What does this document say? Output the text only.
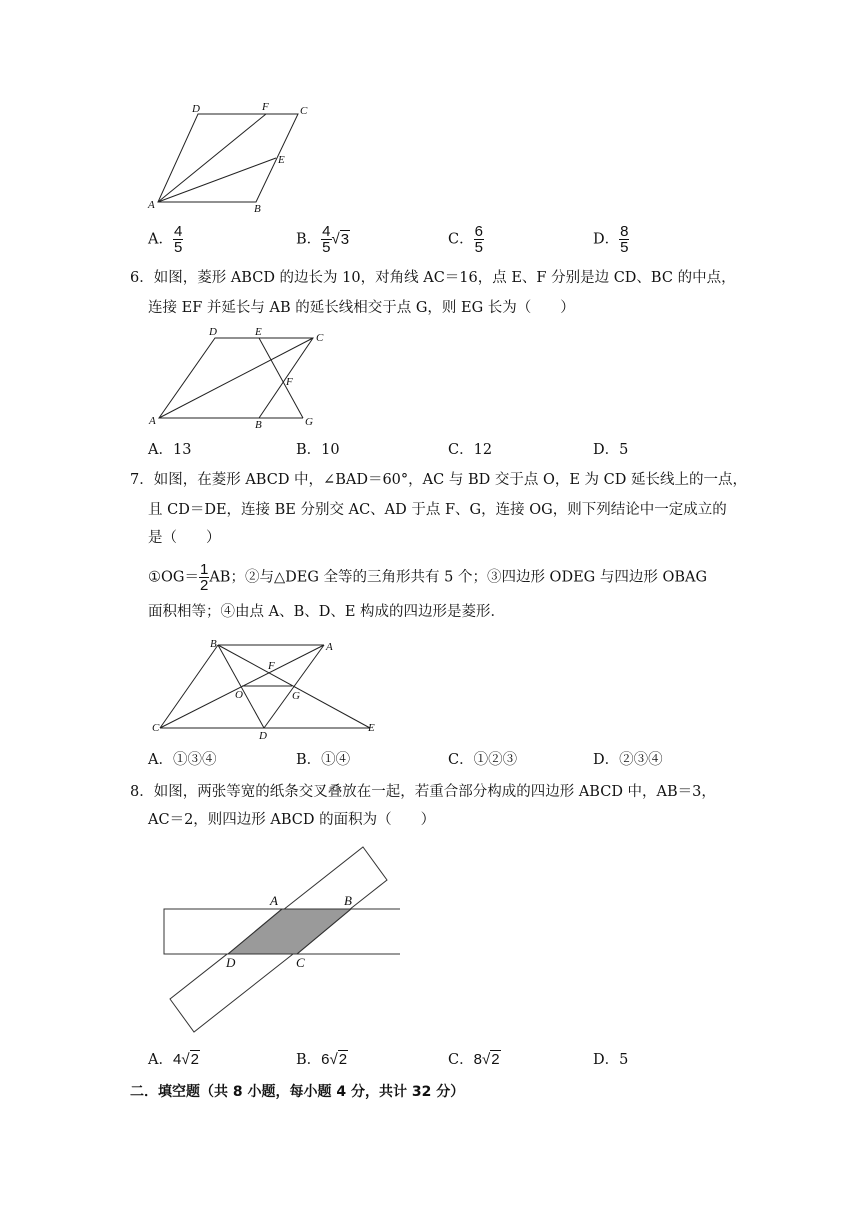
D	F	C
E
A	B
A． $\frac{4}{5}$	B． $\frac{4}{5} √3$	C． $\frac{6}{5}$	D． $\frac{8}{5}$
6．如图，菱形 ABCD 的边长为 10，对角线 AC＝16，点 E、F 分别是边 CD、BC 的中点，
连接 EF 并延长与 AB 的延长线相交于点 G，则 EG 长为（　　）
D	E	C
F
A	B	G
A．13	B．10	C．12	D．5
7．如图，在菱形 ABCD 中，∠BAD＝60°，AC 与 BD 交于点 O，E 为 CD 延长线上的一点，
且 CD＝DE，连接 BE 分别交 AC、AD 于点 F、G，连接 OG，则下列结论中一定成立的
是（　　）
①OG＝ $\frac{1}{2}$ AB；②与△DEG 全等的三角形共有 5 个；③四边形 ODEG 与四边形 OBAG
面积相等；④由点 A、B、D、E 构成的四边形是菱形．
B	A
F
O	G
C
D
E
A．①③④	B．①④	C．①②③	D．②③④
8．如图，两张等宽的纸条交叉叠放在一起，若重合部分构成的四边形 ABCD 中，AB＝3，
AC＝2，则四边形 ABCD 的面积为（　　）
A	B
D	C
A．4√2	B．6√2	C．8√2	D．5
二．填空题（共 8 小题，每小题 4 分，共计 32 分）
